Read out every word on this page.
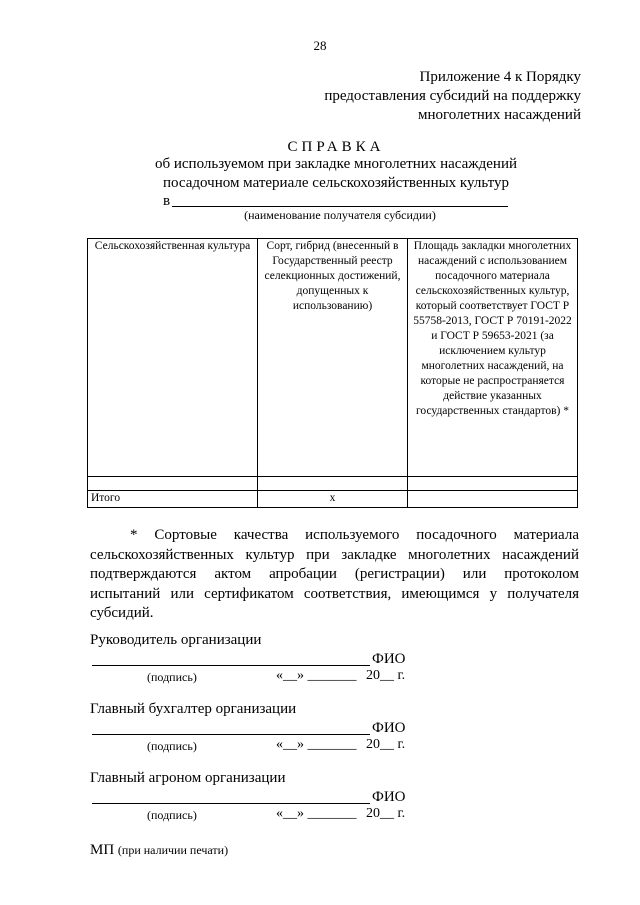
28
Приложение 4 к Порядку
предоставления субсидий на поддержку
многолетних насаждений
СПРАВКА
об используемом при закладке многолетних насаждений
посадочном материале сельскохозяйственных культур
в
(наименование получателя субсидии)
Сельскохозяйственная культура	Сорт, гибрид (внесенный в Государственный реестр селекционных достижений, допущенных к использованию)	Площадь закладки многолетних насаждений с использованием посадочного материала сельскохозяйственных культур, который соответствует ГОСТ Р 55758-2013, ГОСТ Р 70191-2022 и ГОСТ Р 59653-2021 (за исключением культур многолетних насаждений, на которые не распространяется действие указанных государственных стандартов) *

Итого	х	
* Сортовые качества используемого посадочного материала сельскохозяйственных культур при закладке многолетних насаждений подтверждаются актом апробации (регистрации) или протоколом испытаний или сертификатом соответствия, имеющимся у получателя субсидий.
Руководитель организации
ФИО
(подпись)	«__» _______ 20__ г.
Главный бухгалтер организации
ФИО
(подпись)	«__» _______ 20__ г.
Главный агроном организации
ФИО
(подпись)	«__» _______ 20__ г.
МП (при наличии печати)
